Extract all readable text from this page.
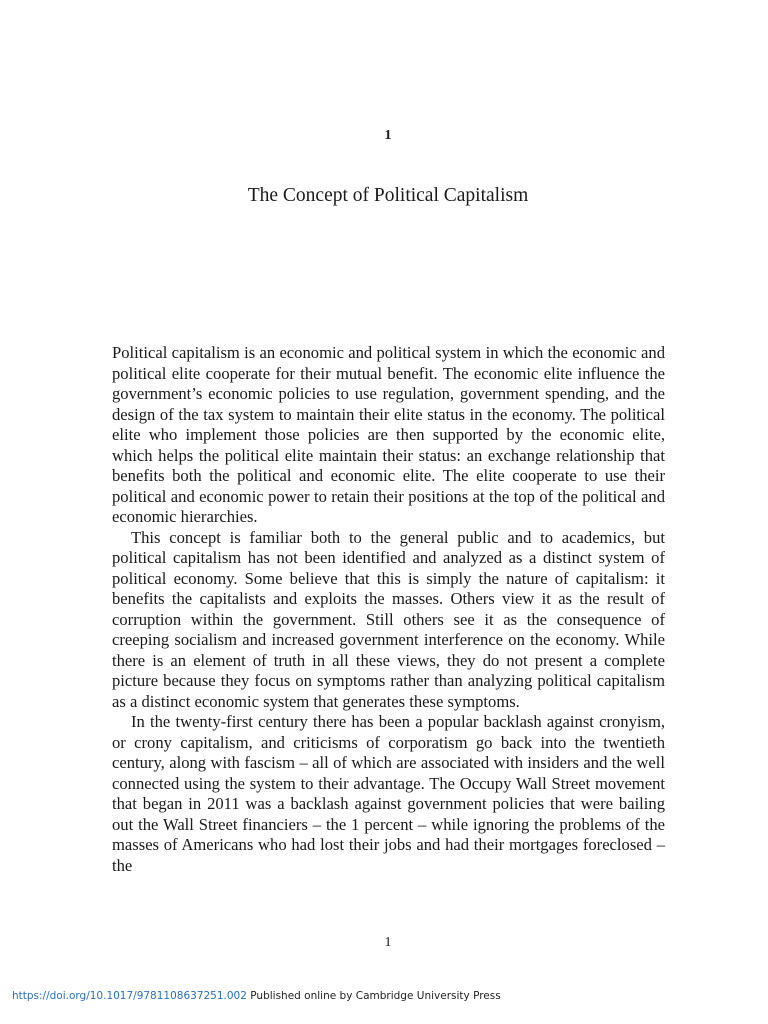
1
The Concept of Political Capitalism

Political capitalism is an economic and political system in which the economic and political elite cooperate for their mutual benefit. The economic elite influence the government’s economic policies to use regulation, government spending, and the design of the tax system to maintain their elite status in the economy. The political elite who implement those policies are then supported by the economic elite, which helps the political elite maintain their status: an exchange relationship that benefits both the political and economic elite. The elite cooperate to use their political and economic power to retain their positions at the top of the political and economic hierarchies.

This concept is familiar both to the general public and to academics, but political capitalism has not been identified and analyzed as a distinct system of political economy. Some believe that this is simply the nature of capitalism: it benefits the capitalists and exploits the masses. Others view it as the result of corruption within the government. Still others see it as the consequence of creeping socialism and increased government interference on the economy. While there is an element of truth in all these views, they do not present a complete picture because they focus on symptoms rather than analyzing political capitalism as a distinct economic system that generates these symptoms.

In the twenty-first century there has been a popular backlash against cronyism, or crony capitalism, and criticisms of corporatism go back into the twentieth century, along with fascism – all of which are associated with insiders and the well connected using the system to their advantage. The Occupy Wall Street movement that began in 2011 was a backlash against government policies that were bailing out the Wall Street financiers – the 1 percent – while ignoring the problems of the masses of Americans who had lost their jobs and had their mortgages foreclosed – the

1
https://doi.org/10.1017/9781108637251.002 Published online by Cambridge University Press
